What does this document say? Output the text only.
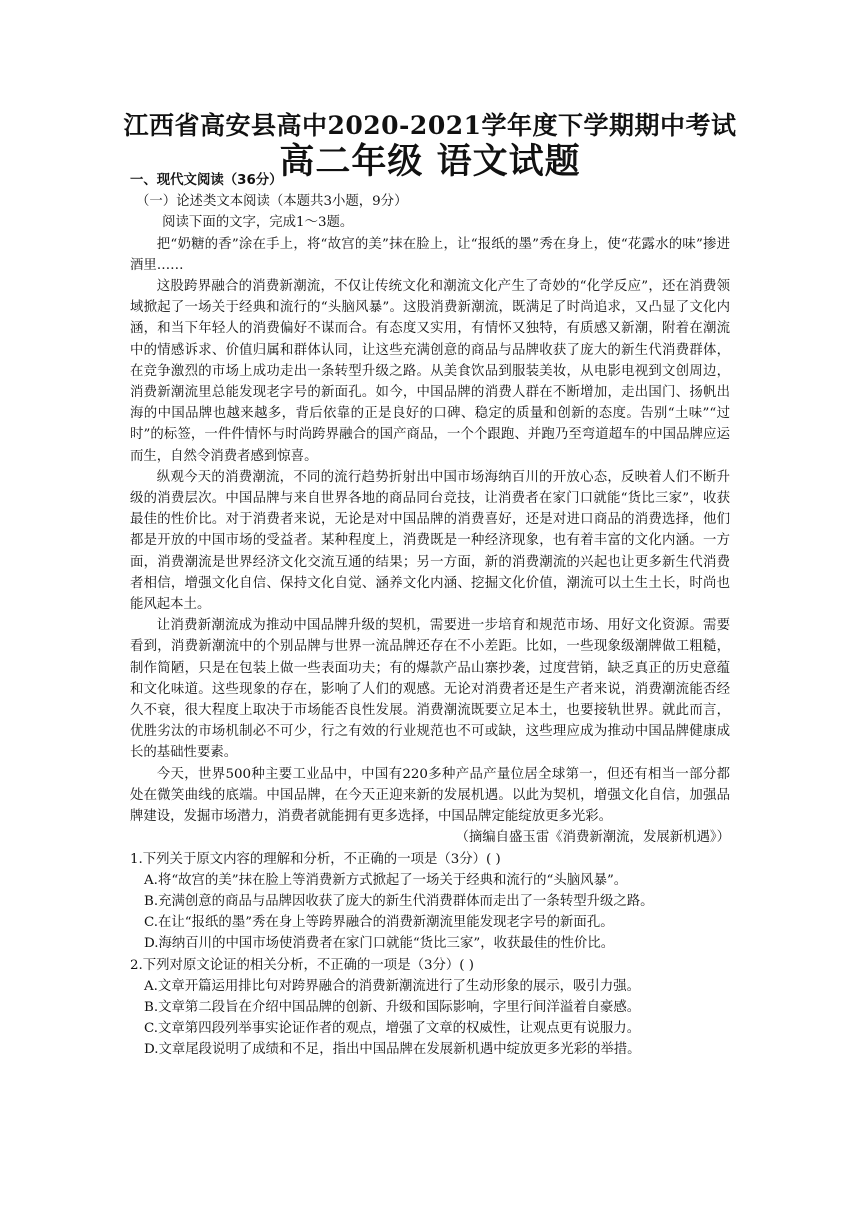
江西省高安县高中2020-2021学年度下学期期中考试
高二年级 语文试题

一、现代文阅读（36分）

（一）论述类文本阅读（本题共3小题，9分）

阅读下面的文字，完成1～3题。

把“奶糖的香”涂在手上，将“故宫的美”抹在脸上，让“报纸的墨”秀在身上，使“花露水的味”掺进酒里……

这股跨界融合的消费新潮流，不仅让传统文化和潮流文化产生了奇妙的“化学反应”，还在消费领域掀起了一场关于经典和流行的“头脑风暴”。这股消费新潮流，既满足了时尚追求，又凸显了文化内涵，和当下年轻人的消费偏好不谋而合。有态度又实用，有情怀又独特，有质感又新潮，附着在潮流中的情感诉求、价值归属和群体认同，让这些充满创意的商品与品牌收获了庞大的新生代消费群体，在竞争激烈的市场上成功走出一条转型升级之路。从美食饮品到服装美妆，从电影电视到文创周边，消费新潮流里总能发现老字号的新面孔。如今，中国品牌的消费人群在不断增加，走出国门、扬帆出海的中国品牌也越来越多，背后依靠的正是良好的口碑、稳定的质量和创新的态度。告别“土味”“过时”的标签，一件件情怀与时尚跨界融合的国产商品，一个个跟跑、并跑乃至弯道超车的中国品牌应运而生，自然令消费者感到惊喜。

纵观今天的消费潮流，不同的流行趋势折射出中国市场海纳百川的开放心态，反映着人们不断升级的消费层次。中国品牌与来自世界各地的商品同台竞技，让消费者在家门口就能“货比三家”，收获最佳的性价比。对于消费者来说，无论是对中国品牌的消费喜好，还是对进口商品的消费选择，他们都是开放的中国市场的受益者。某种程度上，消费既是一种经济现象，也有着丰富的文化内涵。一方面，消费潮流是世界经济文化交流互通的结果；另一方面，新的消费潮流的兴起也让更多新生代消费者相信，增强文化自信、保持文化自觉、涵养文化内涵、挖掘文化价值，潮流可以土生土长，时尚也能风起本土。

让消费新潮流成为推动中国品牌升级的契机，需要进一步培育和规范市场、用好文化资源。需要看到，消费新潮流中的个别品牌与世界一流品牌还存在不小差距。比如，一些现象级潮牌做工粗糙，制作简陋，只是在包装上做一些表面功夫；有的爆款产品山寨抄袭，过度营销，缺乏真正的历史意蕴和文化味道。这些现象的存在，影响了人们的观感。无论对消费者还是生产者来说，消费潮流能否经久不衰，很大程度上取决于市场能否良性发展。消费潮流既要立足本土，也要接轨世界。就此而言，优胜劣汰的市场机制必不可少，行之有效的行业规范也不可或缺，这些理应成为推动中国品牌健康成长的基础性要素。

今天，世界500种主要工业品中，中国有220多种产品产量位居全球第一，但还有相当一部分都处在微笑曲线的底端。中国品牌，在今天正迎来新的发展机遇。以此为契机，增强文化自信，加强品牌建设，发掘市场潜力，消费者就能拥有更多选择，中国品牌定能绽放更多光彩。

（摘编自盛玉雷《消费新潮流，发展新机遇》）

1.下列关于原文内容的理解和分析，不正确的一项是（3分）( )

A.将“故宫的美”抹在脸上等消费新方式掀起了一场关于经典和流行的“头脑风暴”。

B.充满创意的商品与品牌因收获了庞大的新生代消费群体而走出了一条转型升级之路。

C.在让“报纸的墨”秀在身上等跨界融合的消费新潮流里能发现老字号的新面孔。

D.海纳百川的中国市场使消费者在家门口就能“货比三家”，收获最佳的性价比。

2.下列对原文论证的相关分析，不正确的一项是（3分）( )

A.文章开篇运用排比句对跨界融合的消费新潮流进行了生动形象的展示，吸引力强。

B.文章第二段旨在介绍中国品牌的创新、升级和国际影响，字里行间洋溢着自豪感。

C.文章第四段列举事实论证作者的观点，增强了文章的权威性，让观点更有说服力。

D.文章尾段说明了成绩和不足，指出中国品牌在发展新机遇中绽放更多光彩的举措。
